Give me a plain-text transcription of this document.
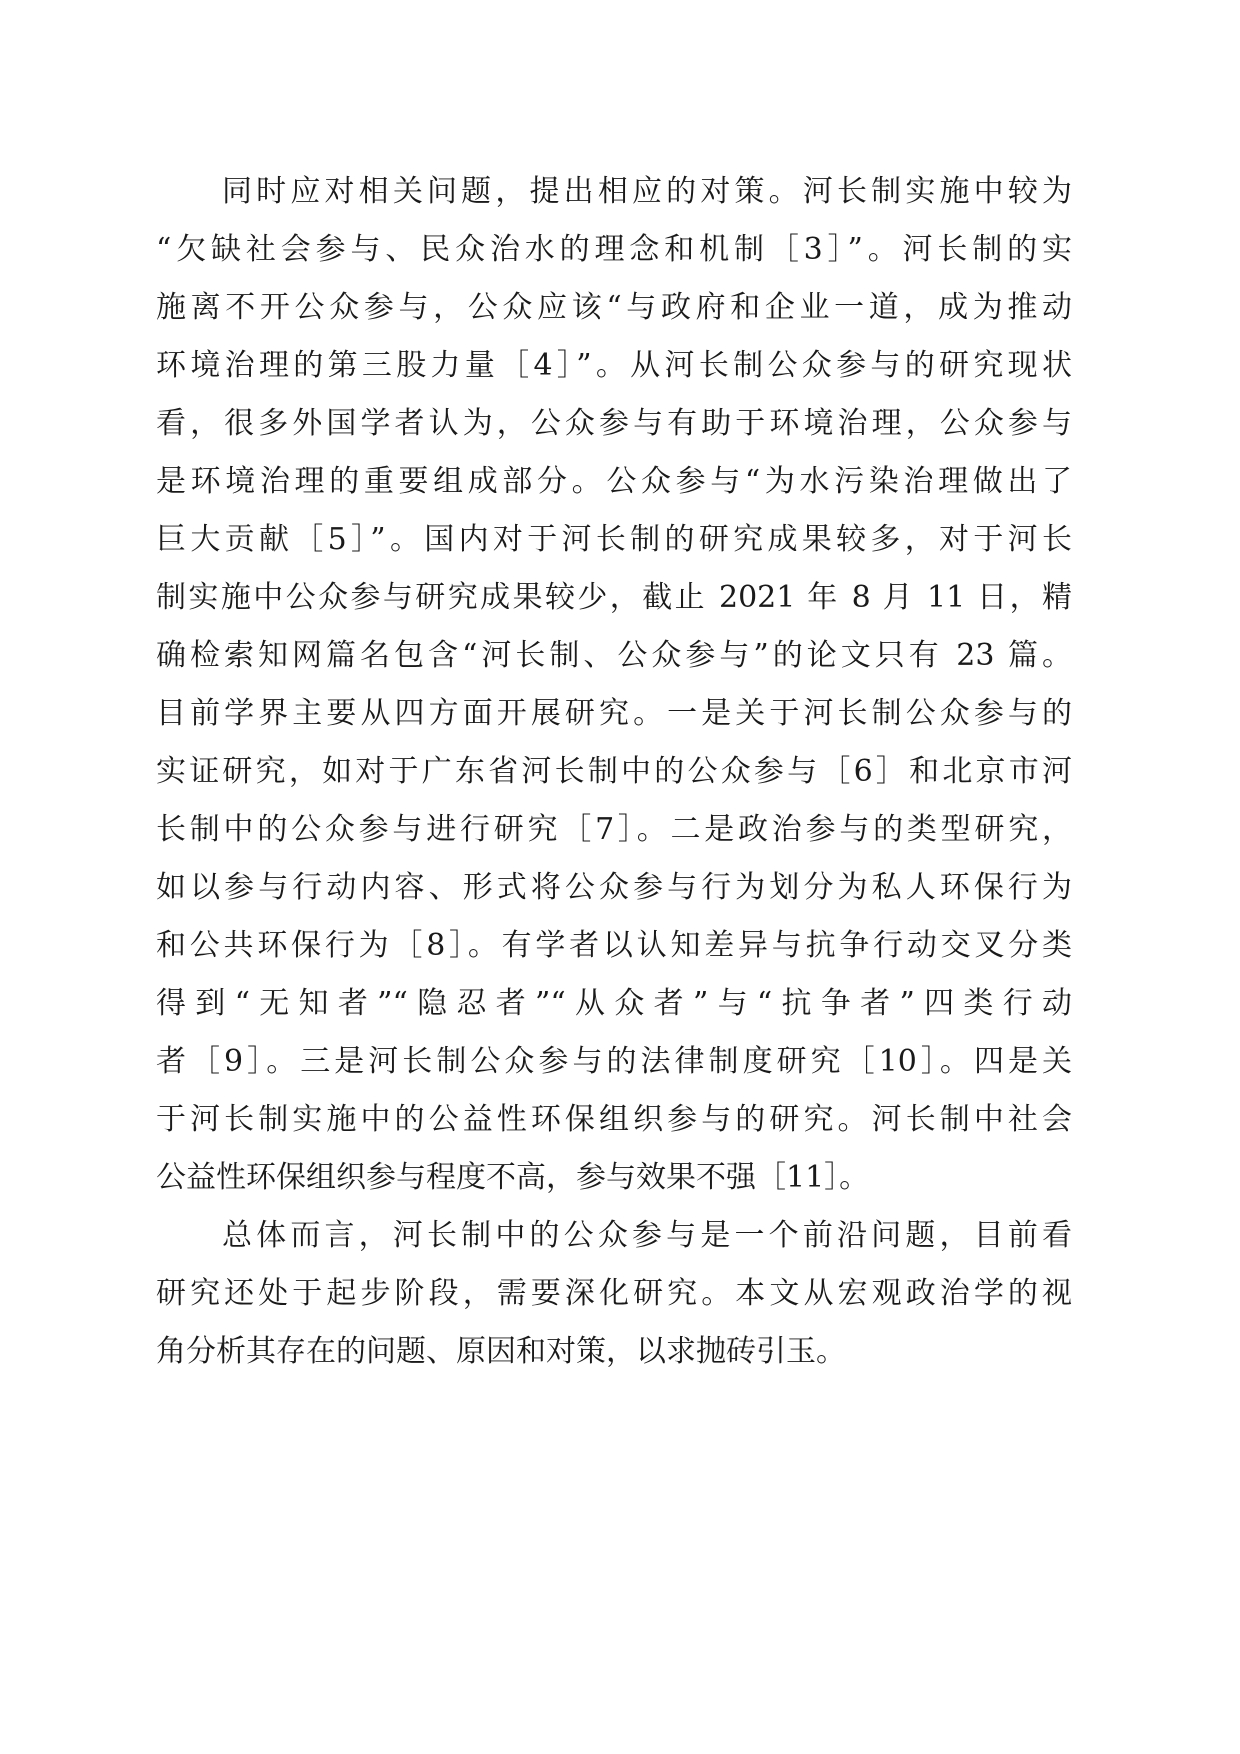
同时应对相关问题，提出相应的对策。河长制实施中较为
“欠缺社会参与、民众治水的理念和机制［3］”。河长制的实
施离不开公众参与，公众应该“与政府和企业一道，成为推动
环境治理的第三股力量［4］”。从河长制公众参与的研究现状
看，很多外国学者认为，公众参与有助于环境治理，公众参与
是环境治理的重要组成部分。公众参与“为水污染治理做出了
巨大贡献［5］”。国内对于河长制的研究成果较多，对于河长
制实施中公众参与研究成果较少，截止 2021 年 8 月 11 日，精
确检索知网篇名包含“河长制、公众参与”的论文只有 23 篇。
目前学界主要从四方面开展研究。一是关于河长制公众参与的
实证研究，如对于广东省河长制中的公众参与［6］和北京市河
长制中的公众参与进行研究［7］。二是政治参与的类型研究，
如以参与行动内容、形式将公众参与行为划分为私人环保行为
和公共环保行为［8］。有学者以认知差异与抗争行动交叉分类
得到“无知者”“隐忍者”“从众者”与“抗争者”四类行动
者［9］。三是河长制公众参与的法律制度研究［10］。四是关
于河长制实施中的公益性环保组织参与的研究。河长制中社会
公益性环保组织参与程度不高，参与效果不强［11］。
总体而言，河长制中的公众参与是一个前沿问题，目前看
研究还处于起步阶段，需要深化研究。本文从宏观政治学的视
角分析其存在的问题、原因和对策，以求抛砖引玉。
